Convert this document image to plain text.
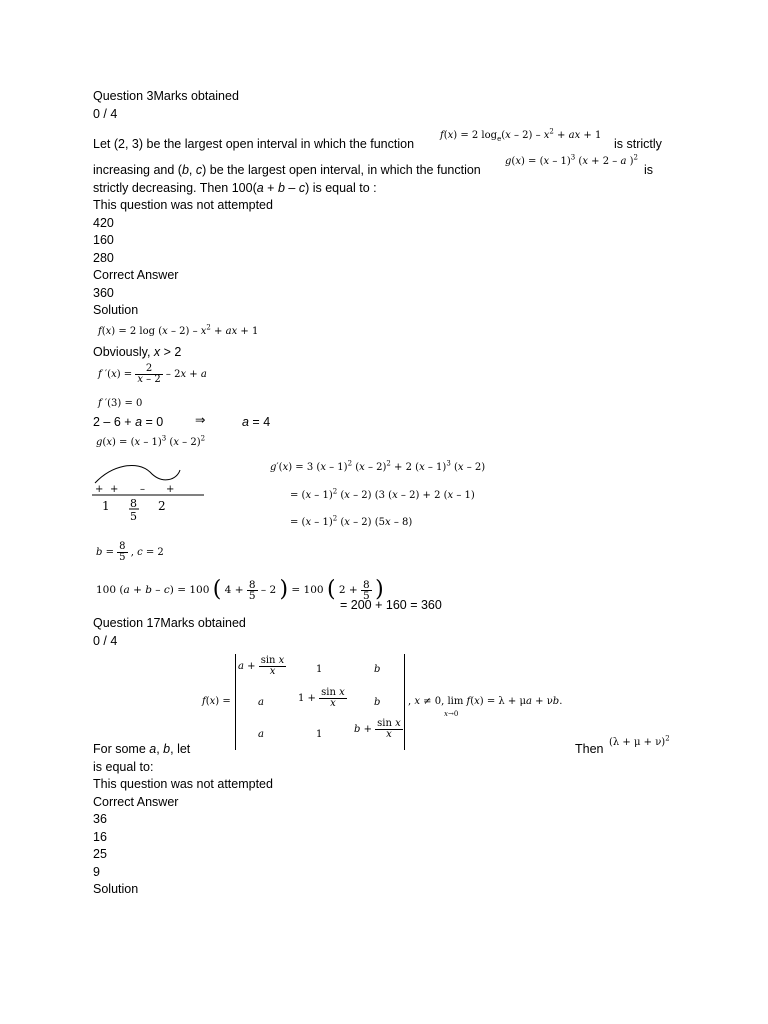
Question 3Marks obtained
0 / 4
Let (2, 3) be the largest open interval in which the function
f(x) = 2 $\log_e(x - 2) - x^2$ + ax + 1
is strictly
increasing and (b, c) be the largest open interval, in which the function
g(x) = (x – 1)$^3$ (x + 2 – a )$^2$
is
strictly decreasing. Then 100(a + b – c) is equal to :
This question was not attempted
420
160
280
Correct Answer
360
Solution
f(x) = 2 $\log (x - 2) - x^2$ + ax + 1
Obviously, x > 2
f $'(x) = \frac{2}{x - 2} - 2x + a$
f ′(3) = 0
2 – 6 + a = 0	⇒	a = 4
g(x) = (x – 1)$^3$ (x – 2)$^2$
+ + – +
1 8
5
2
g′(x) = 3 (x – 1)$^2$ (x – 2)$^2$ + 2 (x – 1)$^3$ (x – 2)
= (x – 1)$^2$ (x – 2) (3 (x – 2) + 2 (x – 1)
= (x – 1)$^2$ (x – 2) (5x – 8)
$b = \frac{8}{5}$ , c = 2
100 (a + b – c) = 100 ( $4 + \frac{8}{5} - 2$ ) = 100 ( $2 + \frac{8}{5}$ )
= 200 + 160 = 360
Question 17Marks obtained
0 / 4
f(x) =
$a + \frac{\text{sin x}}{x}$	1	b
a	$1 + \frac{\text{sin x}}{x}$	b
a	1	$b + \frac{\text{sin x}}{x}$
, x ≠ 0, lim f(x) = λ + μa + νb.
x→0
For some a, b, let	Then $(\lambda + \mu + \nu)^2$
is equal to:
This question was not attempted
Correct Answer
36
16
25
9
Solution
